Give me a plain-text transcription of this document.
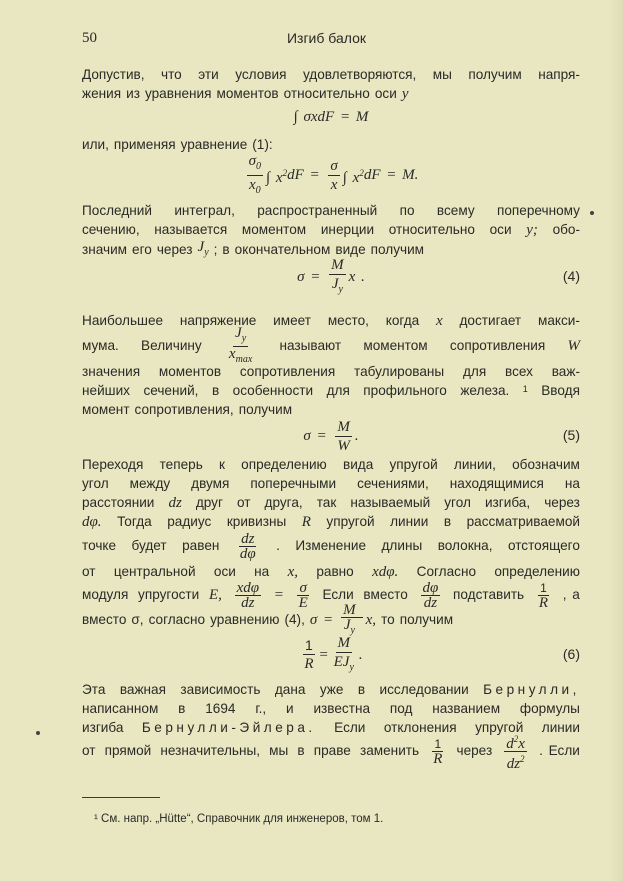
50	Изгиб балок
Допустив, что эти условия удовлетворяются, мы получим напря-
жения из уравнения моментов относительно оси y
∫ σxdF = M
или, применяя уравнение (1):
$\frac{\sigma_0}{x_0}$ ∫ $x^2$ dF = $\frac{\sigma}{x}$ ∫ $x^2$ dF = M.
Последний интеграл, распространенный по всему поперечному
сечению, называется моментом инерции относительно оси y; обо-
значим его через $J_y$ ; в окончательном виде получим
$\sigma = \frac{M}{J_y}$ x .	(4)
Наибольшее напряжение имеет место, когда x достигает макси-
мума. Величину $\frac{J_y}{x_{max}}$ называют моментом сопротивления W
значения моментов сопротивления табулированы для всех важ-
нейших сечений, в особенности для профильного железа. $^1$ Вводя
момент сопротивления, получим
$\sigma = \frac{M}{W}$ .	(5)
Переходя теперь к определению вида упругой линии, обозначим
угол между двумя поперечными сечениями, находящимися на
расстоянии dz друг от друга, так называемый угол изгиба, через
dφ. Тогда радиус кривизны R упругой линии в рассматриваемой
точке будет равен $\frac{dz}{d\varphi}$ . Изменение длины волокна, отстоящего
от центральной оси на x, равно xdφ. Согласно определению
модуля упругости E, $\frac{\text{xdφ}}{dz} = \frac{\sigma}{E}$ Если вместо $\frac{d\varphi}{dz}$ подставить $\frac{1}{R}$ , а
вместо σ, согласно уравнению (4), $\sigma = \frac{M}{J_y} x$, то получим
$\frac{1}{R} = \frac{M}{EJ_y}$ .	(6)
Эта важная зависимость дана уже в исследовании Бернулли,
написанном в 1694 г., и известна под названием формулы
изгиба Бернулли-Эйлера. Если отклонения упругой линии
от прямой незначительны, мы в праве заменить $\frac{1}{R}$ через $\frac{d^2x}{dz^2}$ . Если
¹ См. напр. „Hütte“, Справочник для инженеров, том 1.
